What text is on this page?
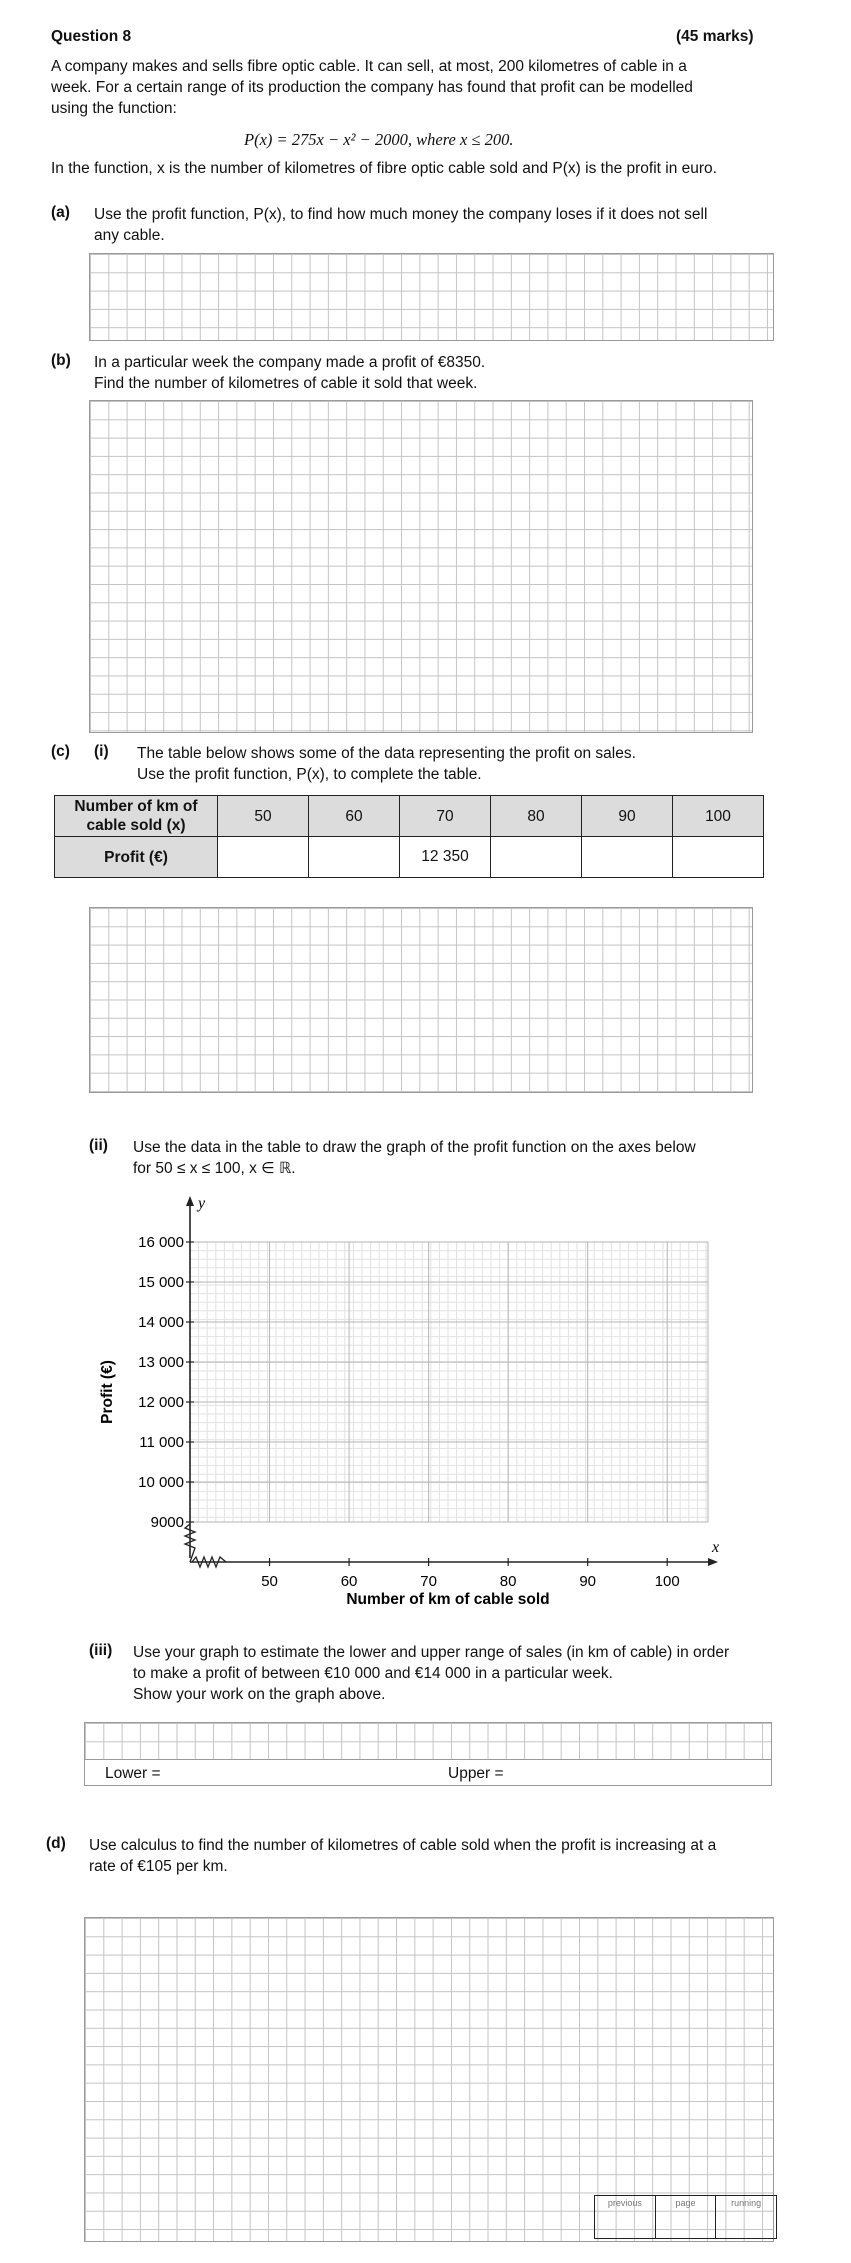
Question 8	(45 marks)
A company makes and sells fibre optic cable. It can sell, at most, 200 kilometres of cable in a
week. For a certain range of its production the company has found that profit can be modelled
using the function:
P(x) = 275x − x² − 2000, where x ≤ 200.
In the function, x is the number of kilometres of fibre optic cable sold and P(x) is the profit in euro.
(a) Use the profit function, P(x), to find how much money the company loses if it does not sell
any cable.
(b) In a particular week the company made a profit of €8350.
Find the number of kilometres of cable it sold that week.
(c) (i) The table below shows some of the data representing the profit on sales.
Use the profit function, P(x), to complete the table.
Number of km of
cable sold (x)	50	60	70	80	90	100
Profit (€)			12 350			
(ii) Use the data in the table to draw the graph of the profit function on the axes below
for 50 ≤ x ≤ 100, x ∈ ℝ.
50	60	70	80	90	100
16 000
15 000
14 000
13 000
12 000
11 000
10 000
9000
Number of km of cable sold
Profit (€)
x
y
(iii) Use your graph to estimate the lower and upper range of sales (in km of cable) in order
to make a profit of between €10 000 and €14 000 in a particular week.
Show your work on the graph above.
Lower =	Upper =
(d) Use calculus to find the number of kilometres of cable sold when the profit is increasing at a
rate of €105 per km.
previous	page	running
